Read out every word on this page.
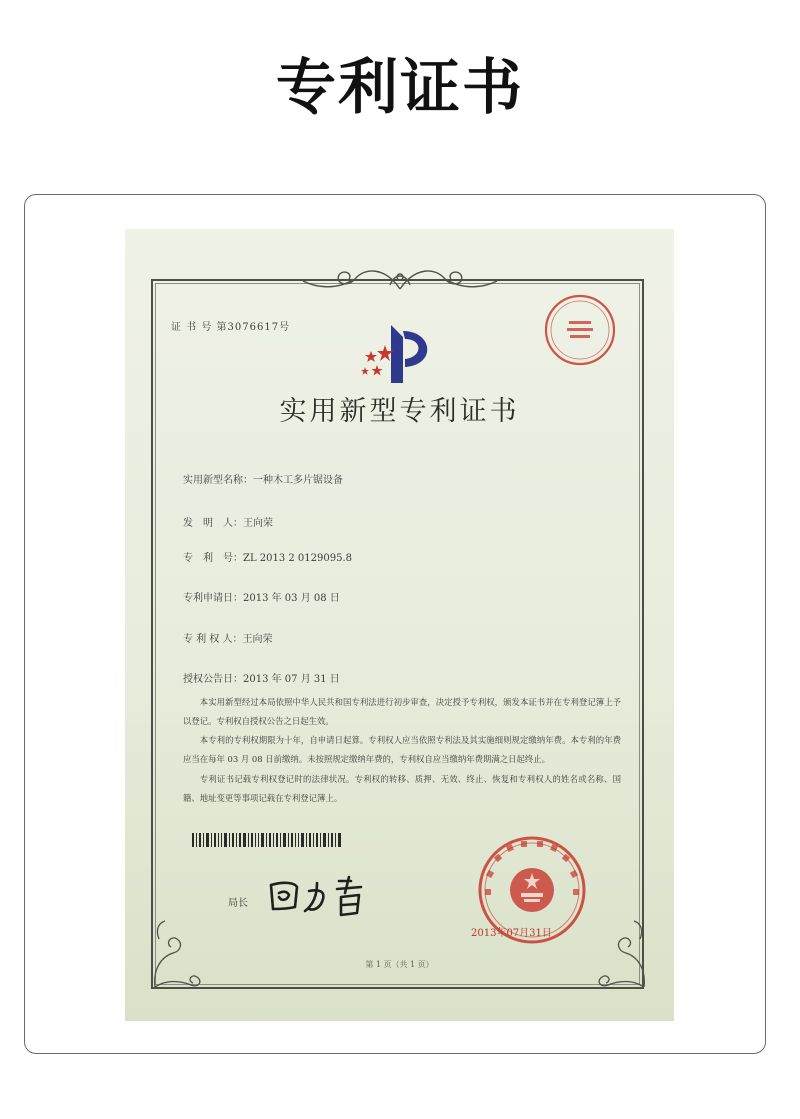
专利证书
证 书 号 第3076617号
实用新型专利证书
实用新型名称：一种木工多片锯设备
发　明　人：王向荣
专　利　号：ZL 2013 2 0129095.8
专利申请日：2013 年 03 月 08 日
专 利 权 人：王向荣
授权公告日：2013 年 07 月 31 日

本实用新型经过本局依照中华人民共和国专利法进行初步审查，决定授予专利权，颁发本证书并在专利登记簿上予以登记。专利权自授权公告之日起生效。

本专利的专利权期限为十年，自申请日起算。专利权人应当依照专利法及其实施细则规定缴纳年费。本专利的年费应当在每年 03 月 08 日前缴纳。未按照规定缴纳年费的，专利权自应当缴纳年费期满之日起终止。

专利证书记载专利权登记时的法律状况。专利权的转移、质押、无效、终止、恢复和专利权人的姓名或名称、国籍、地址变更等事项记载在专利登记簿上。

局长
2013年07月31日
第 1 页（共 1 页）
